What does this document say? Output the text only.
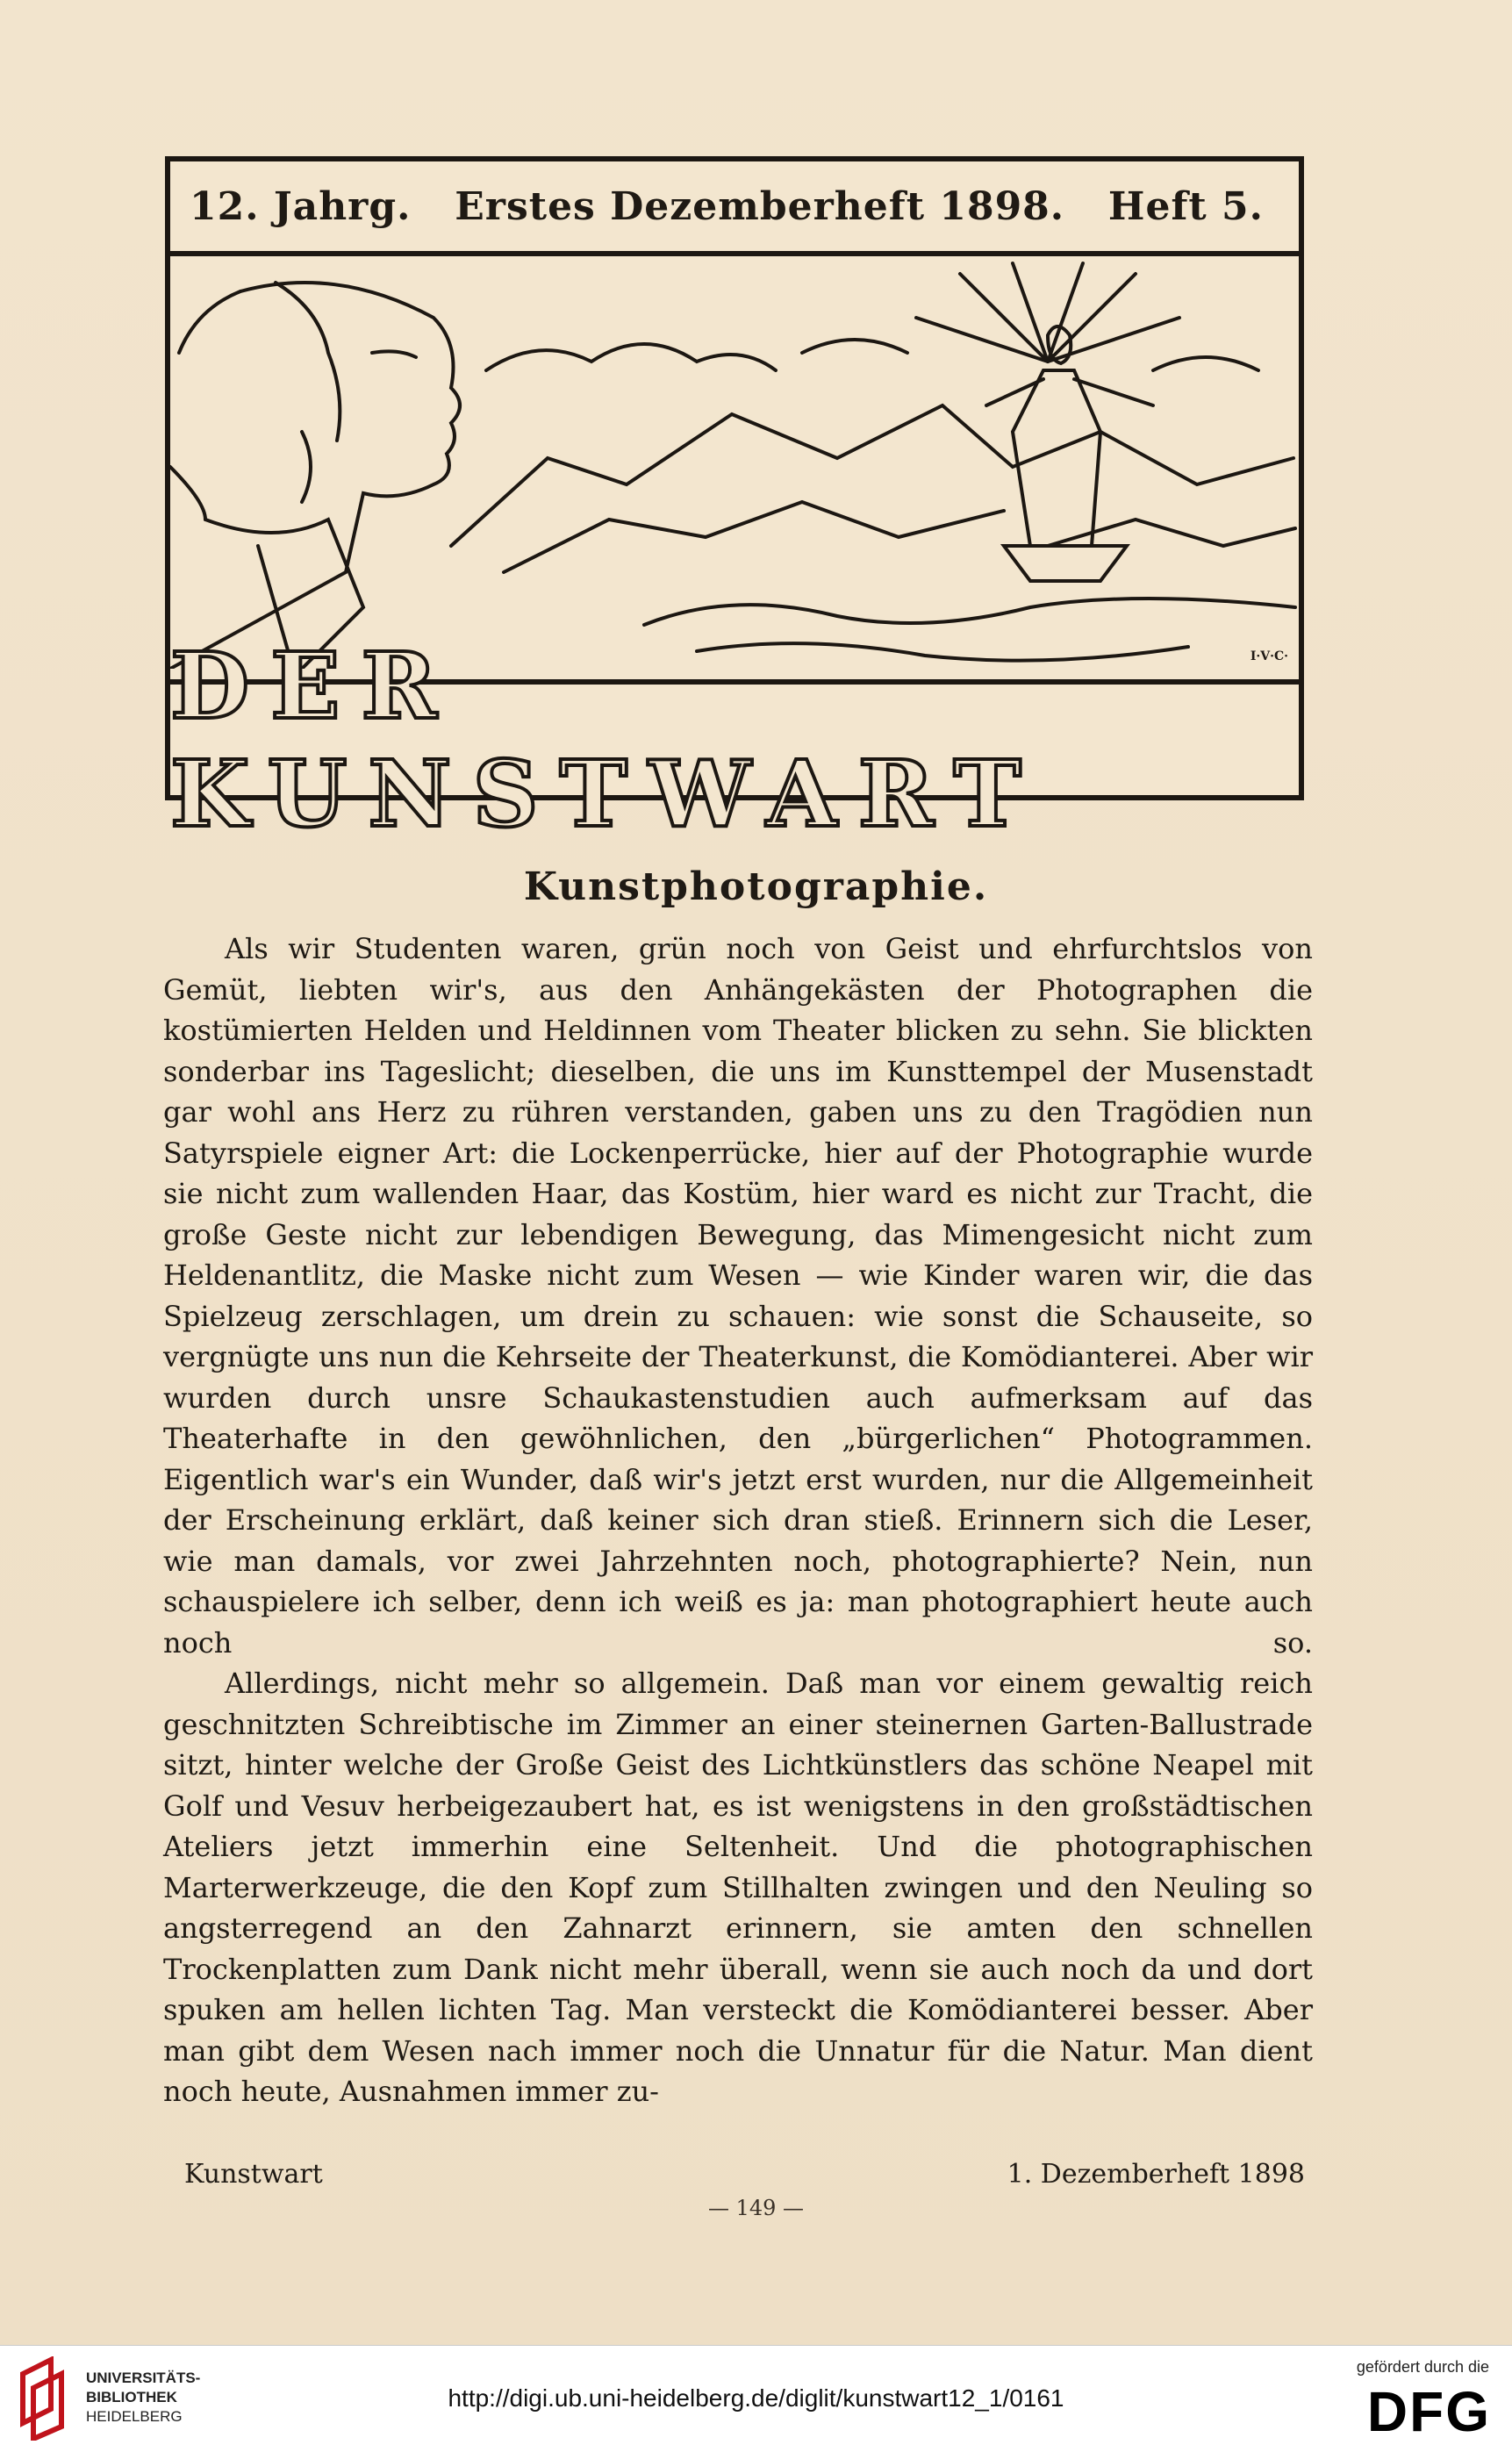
12. Jahrg. Erstes Dezemberheft 1898. Heft 5.
I·V·C·
DER KUNSTWART
Kunstphotographie.

Als wir Studenten waren, grün noch von Geist und ehrfurchtslos von Gemüt, liebten wir's, aus den Anhängekästen der Photographen die kostümierten Helden und Heldinnen vom Theater blicken zu sehn. Sie blickten sonderbar ins Tageslicht; dieselben, die uns im Kunsttempel der Musenstadt gar wohl ans Herz zu rühren verstanden, gaben uns zu den Tragödien nun Satyrspiele eigner Art: die Lockenperrücke, hier auf der Photographie wurde sie nicht zum wallenden Haar, das Kostüm, hier ward es nicht zur Tracht, die große Geste nicht zur lebendigen Bewegung, das Mimengesicht nicht zum Heldenantlitz, die Maske nicht zum Wesen — wie Kinder waren wir, die das Spielzeug zerschlagen, um drein zu schauen: wie sonst die Schauseite, so vergnügte uns nun die Kehrseite der Theaterkunst, die Komödianterei. Aber wir wurden durch unsre Schaukastenstudien auch aufmerksam auf das Theaterhafte in den gewöhnlichen, den „bürgerlichen“ Photogrammen. Eigentlich war's ein Wunder, daß wir's jetzt erst wurden, nur die Allgemeinheit der Erscheinung erklärt, daß keiner sich dran stieß. Erinnern sich die Leser, wie man damals, vor zwei Jahrzehnten noch, photographierte? Nein, nun schauspielere ich selber, denn ich weiß es ja: man photographiert heute auch noch so.

Allerdings, nicht mehr so allgemein. Daß man vor einem gewaltig reich geschnitzten Schreibtische im Zimmer an einer steinernen Garten-Ballustrade sitzt, hinter welche der Große Geist des Lichtkünstlers das schöne Neapel mit Golf und Vesuv herbeigezaubert hat, es ist wenigstens in den großstädtischen Ateliers jetzt immerhin eine Seltenheit. Und die photographischen Marterwerkzeuge, die den Kopf zum Stillhalten zwingen und den Neuling so angsterregend an den Zahnarzt erinnern, sie amten den schnellen Trockenplatten zum Dank nicht mehr überall, wenn sie auch noch da und dort spuken am hellen lichten Tag. Man versteckt die Komödianterei besser. Aber man gibt dem Wesen nach immer noch die Unnatur für die Natur. Man dient noch heute, Ausnahmen immer zu-

Kunstwart	1. Dezemberheft 1898
— 149 —
UNIVERSITÄTS-
BIBLIOTHEK
HEIDELBERG
http://digi.ub.uni-heidelberg.de/diglit/kunstwart12_1/0161
gefördert durch die
DFG
